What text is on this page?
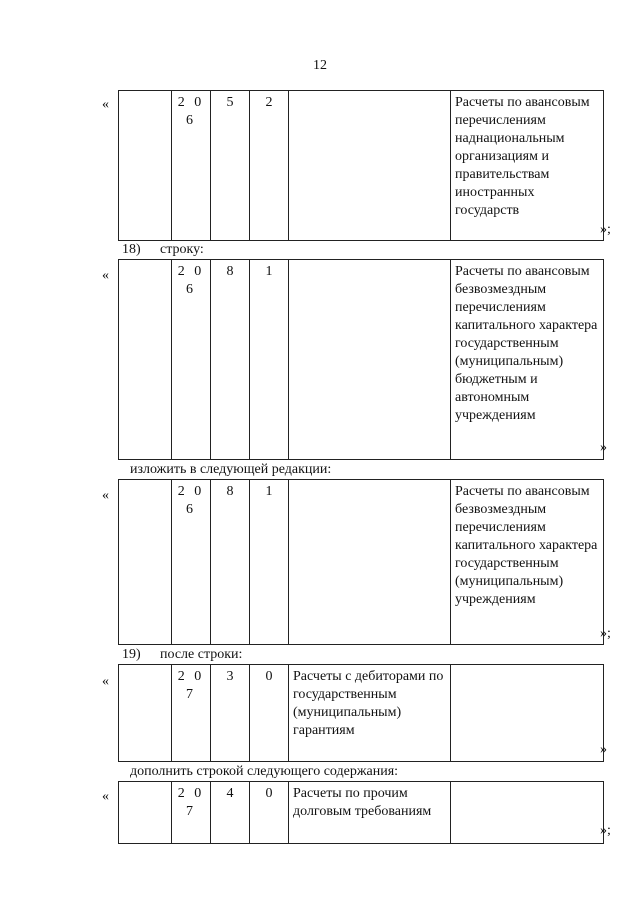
12
«
		2 0 6	5	2		Расчеты по авансовым перечислениям наднациональным организациям и правительствам иностранных государств
»;
18) строку:
«
		2 0 6	8	1		Расчеты по авансовым безвозмездным перечислениям капитального характера государственным (муниципальным) бюджетным и автономным учреждениям
»
изложить в следующей редакции:
«
		2 0 6	8	1		Расчеты по авансовым безвозмездным перечислениям капитального характера государственным (муниципальным) учреждениям
»;
19) после строки:
«
		2 0 7	3	0	Расчеты с дебиторами по государственным (муниципальным) гарантиям	
»
дополнить строкой следующего содержания:
«
		2 0 7	4	0	Расчеты по прочим долговым требованиям	
»;
